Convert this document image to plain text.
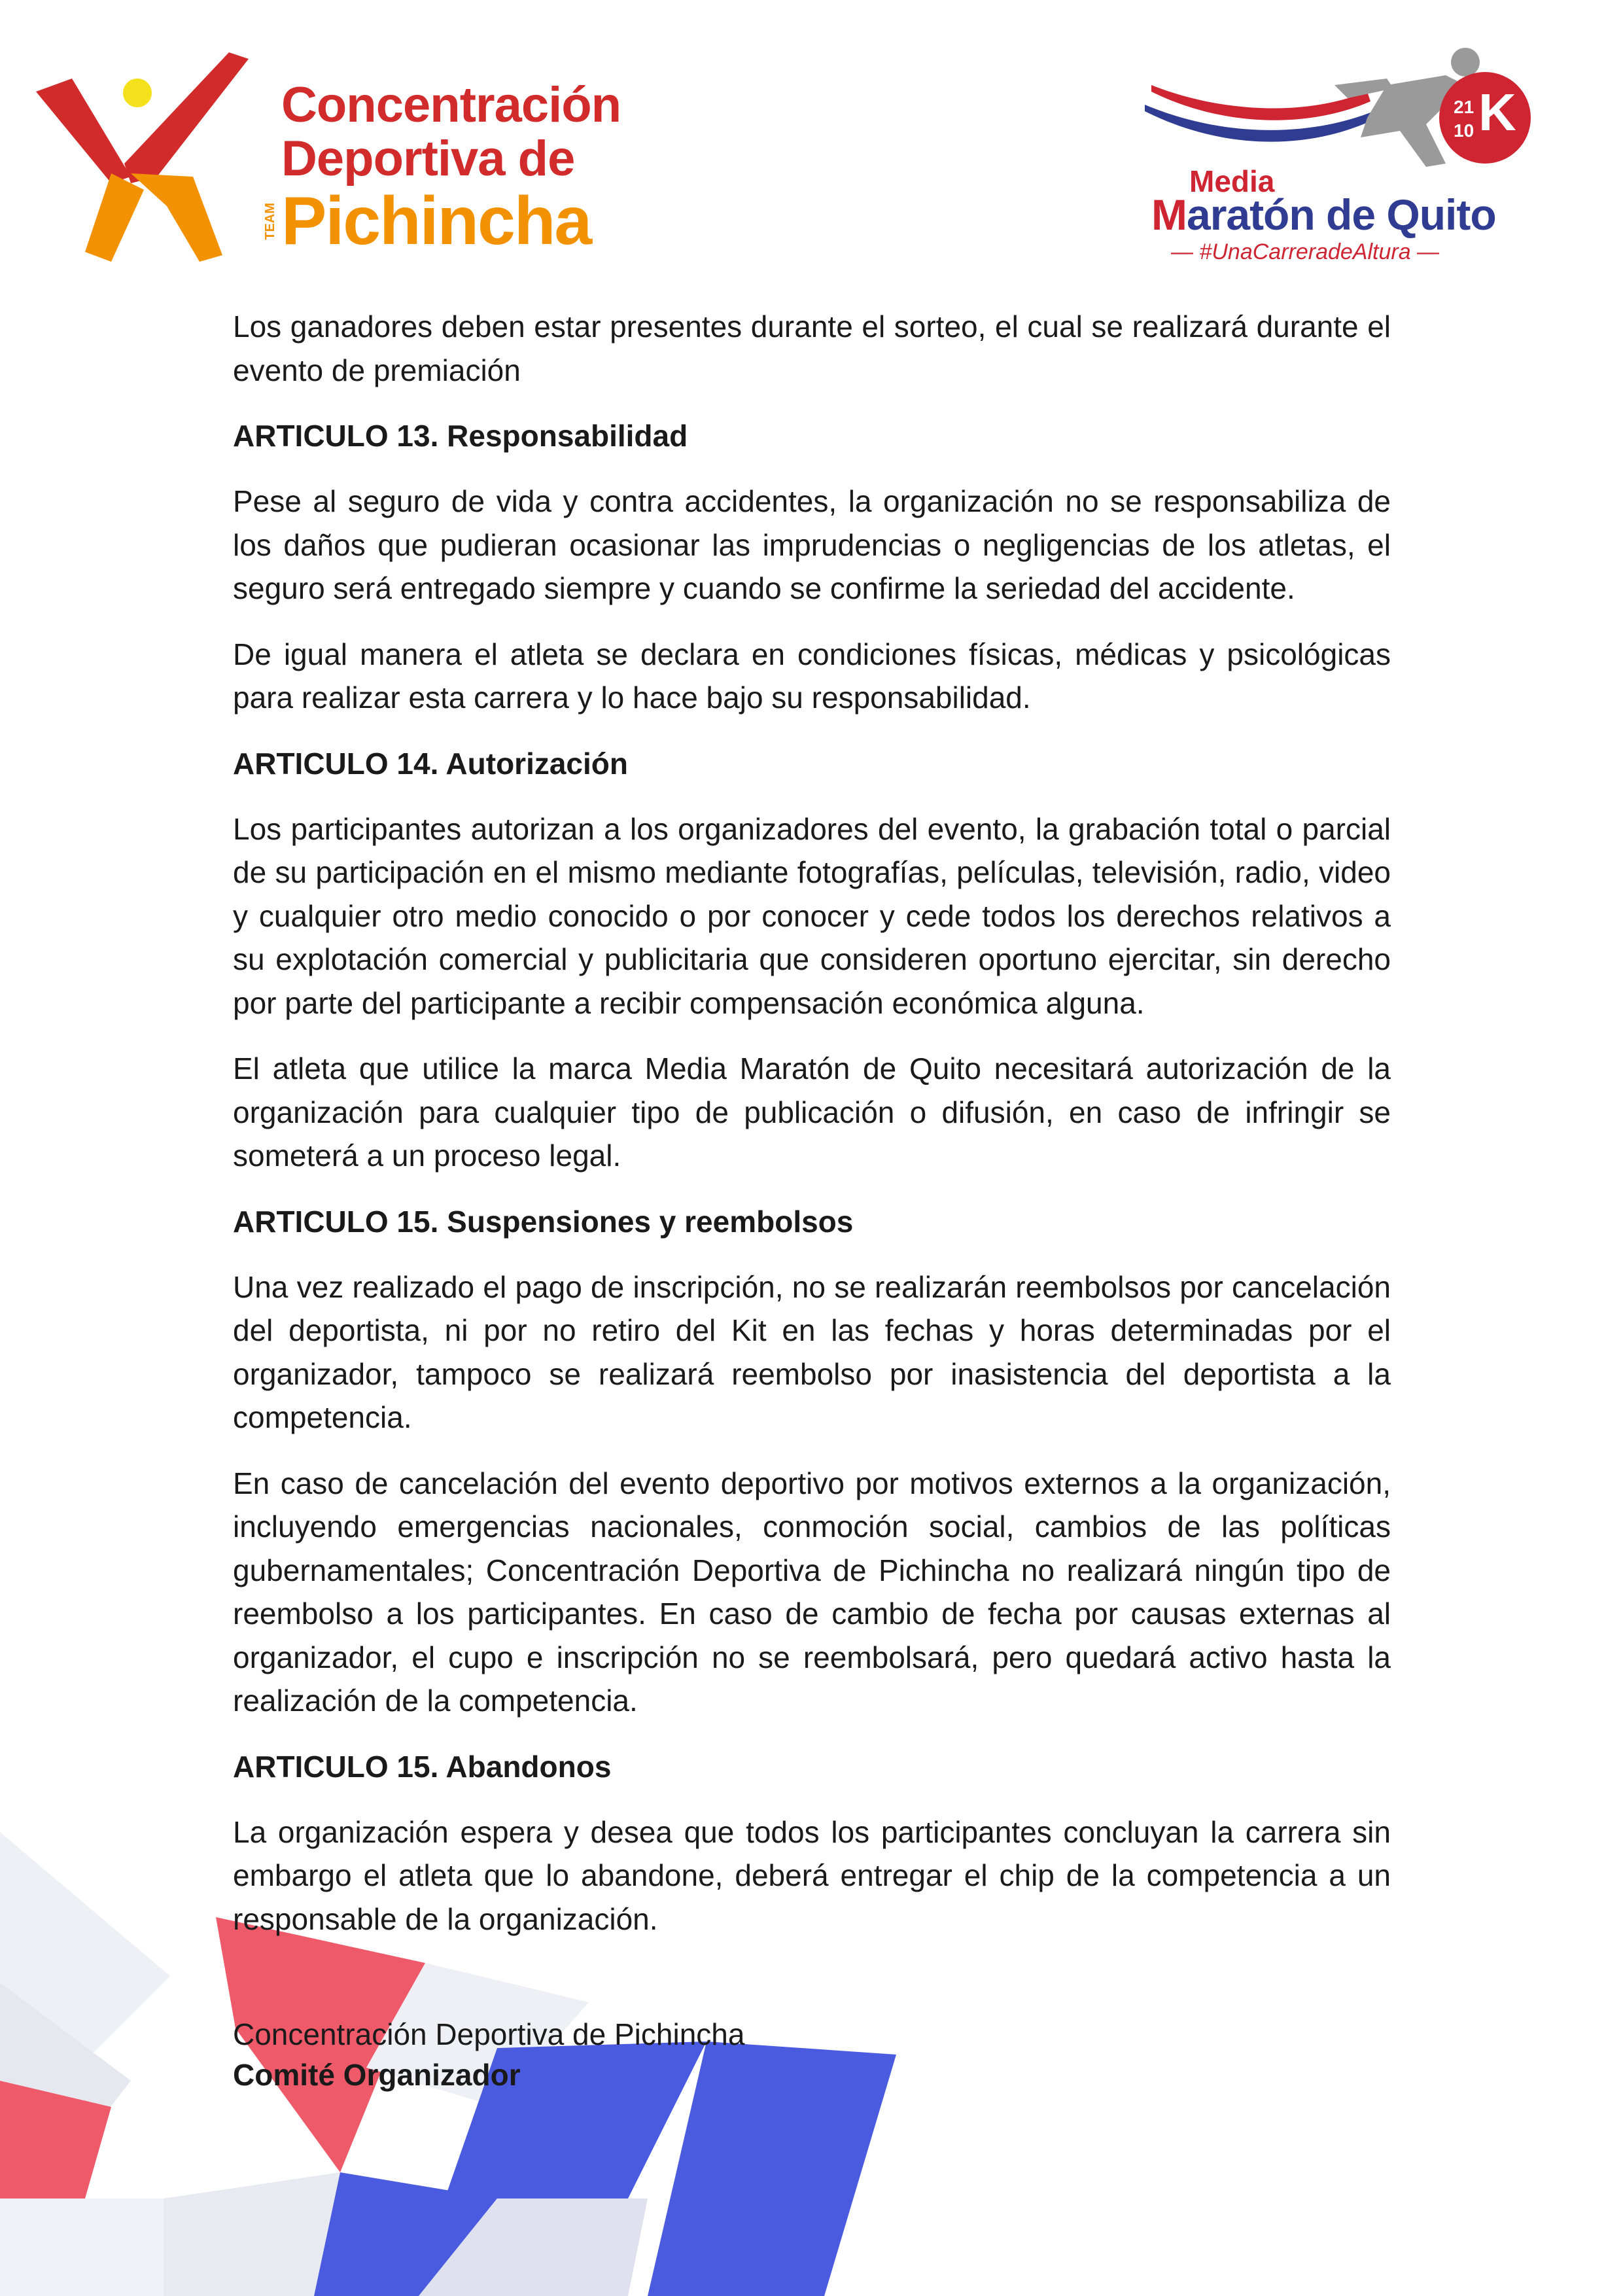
TEAM
Concentración
Deportiva de
Pichincha
21 K
10
Media
Maratón de Quito
— #UnaCarreradeAltura —

Los ganadores deben estar presentes durante el sorteo, el cual se realizará durante el evento de premiación

ARTICULO 13. Responsabilidad

Pese al seguro de vida y contra accidentes, la organización no se responsabiliza de los daños que pudieran ocasionar las imprudencias o negligencias de los atletas, el seguro será entregado siempre y cuando se confirme la seriedad del accidente.

De igual manera el atleta se declara en condiciones físicas, médicas y psicológicas para realizar esta carrera y lo hace bajo su responsabilidad.

ARTICULO 14. Autorización

Los participantes autorizan a los organizadores del evento, la grabación total o parcial de su participación en el mismo mediante fotografías, películas, televisión, radio, video y cualquier otro medio conocido o por conocer y cede todos los derechos relativos a su explotación comercial y publicitaria que consideren oportuno ejercitar, sin derecho por parte del participante a recibir compensación económica alguna.

El atleta que utilice la marca Media Maratón de Quito necesitará autorización de la organización para cualquier tipo de publicación o difusión, en caso de infringir se someterá a un proceso legal.

ARTICULO 15. Suspensiones y reembolsos

Una vez realizado el pago de inscripción, no se realizarán reembolsos por cancelación del deportista, ni por no retiro del Kit en las fechas y horas determinadas por el organizador, tampoco se realizará reembolso por inasistencia del deportista a la competencia.

En caso de cancelación del evento deportivo por motivos externos a la organización, incluyendo emergencias nacionales, conmoción social, cambios de las políticas gubernamentales; Concentración Deportiva de Pichincha no realizará ningún tipo de reembolso a los participantes. En caso de cambio de fecha por causas externas al organizador, el cupo e inscripción no se reembolsará, pero quedará activo hasta la realización de la competencia.

ARTICULO 15. Abandonos

La organización espera y desea que todos los participantes concluyan la carrera sin embargo el atleta que lo abandone, deberá entregar el chip de la competencia a un responsable de la organización.

Concentración Deportiva de Pichincha
Comité Organizador
